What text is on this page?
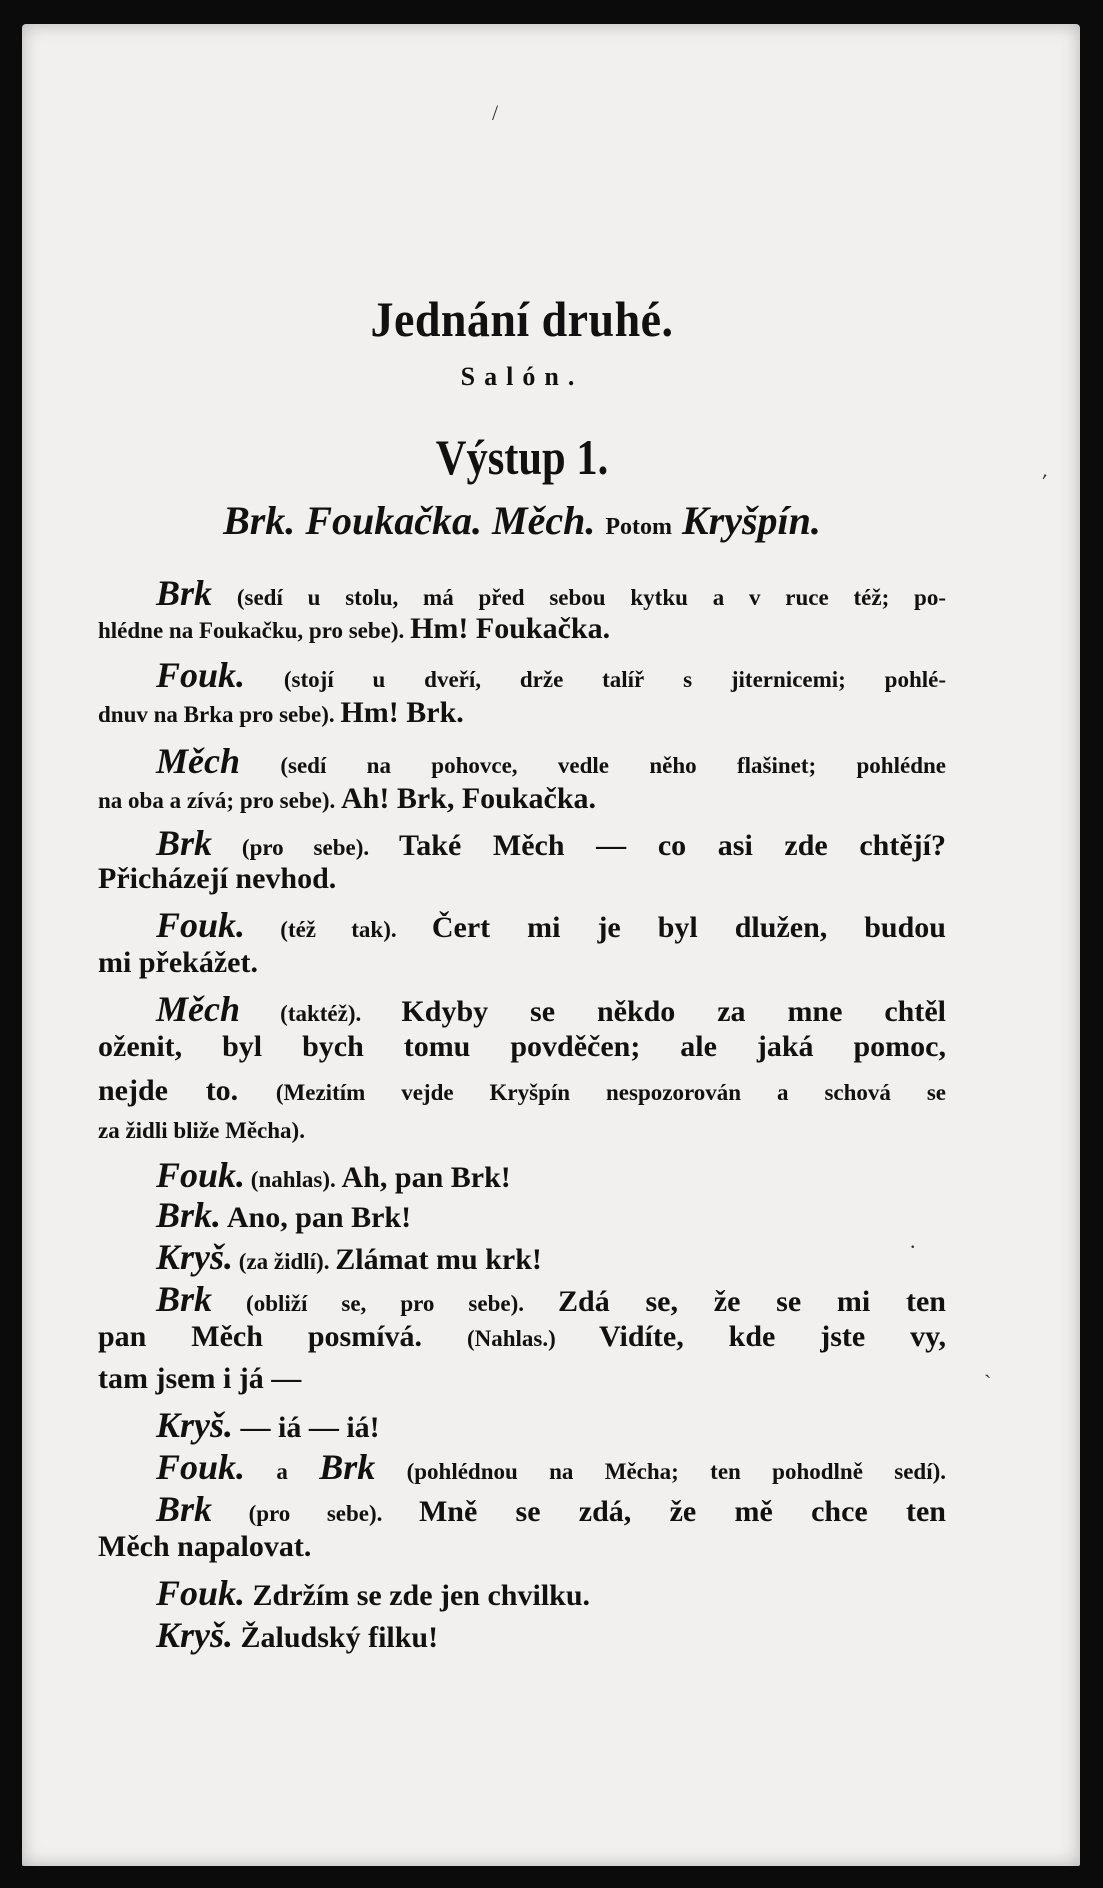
/
'
.
`
Jednání druhé.
Salón.
Výstup 1.
Brk. Foukačka. Měch. Potom Kryšpín.
Brk (sedí u stolu, má před sebou kytku a v ruce též; po-
hlédne na Foukačku, pro sebe). Hm! Foukačka.
Fouk. (stojí u dveří, drže talíř s jiternicemi; pohlé-
dnuv na Brka pro sebe). Hm! Brk.
Měch (sedí na pohovce, vedle něho flašinet; pohlédne
na oba a zívá; pro sebe). Ah! Brk, Foukačka.
Brk (pro sebe). Také Měch — co asi zde chtějí?
Přicházejí nevhod.
Fouk. (též tak). Čert mi je byl dlužen, budou
mi překážet.
Měch (taktéž). Kdyby se někdo za mne chtěl
oženit, byl bych tomu povděčen; ale jaká pomoc,
nejde to. (Mezitím vejde Kryšpín nespozorován a schová se
za židli bliže Měcha).
Fouk. (nahlas). Ah, pan Brk!
Brk. Ano, pan Brk!
Kryš. (za židlí). Zlámat mu krk!
Brk (obliží se, pro sebe). Zdá se, že se mi ten
pan Měch posmívá. (Nahlas.) Vidíte, kde jste vy,
tam jsem i já —
Kryš. — iá — iá!
Fouk. a Brk (pohlédnou na Měcha; ten pohodlně sedí).
Brk (pro sebe). Mně se zdá, že mě chce ten
Měch napalovat.
Fouk. Zdržím se zde jen chvilku.
Kryš. Žaludský filku!
